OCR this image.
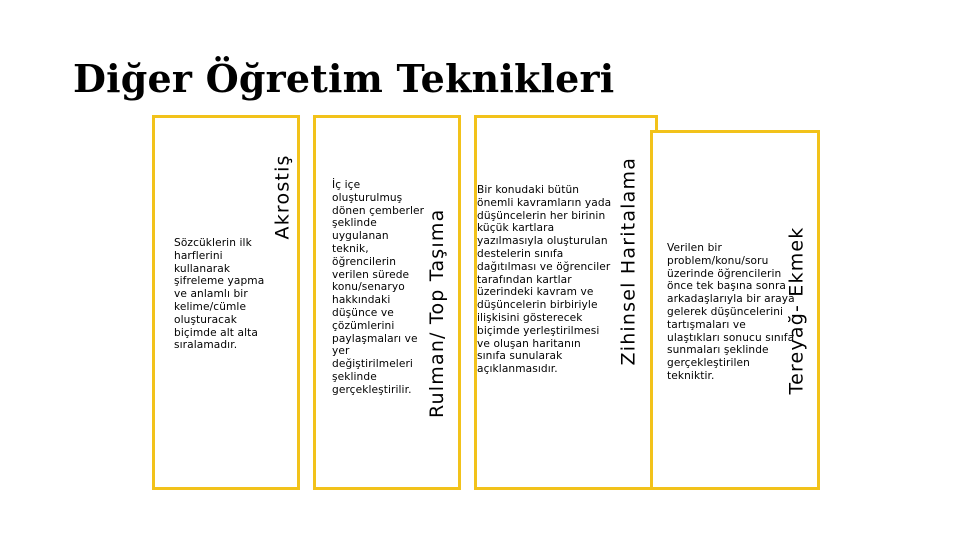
Diğer Öğretim Teknikleri

Sözcüklerin ilk harflerini kullanarak şifreleme yapma ve anlamlı bir kelime/cümle oluşturacak biçimde alt alta sıralamadır.

İç içe oluşturulmuş dönen çemberler şeklinde uygulanan teknik, öğrencilerin verilen sürede konu/senaryo hakkındaki düşünce ve çözümlerini paylaşmaları ve yer değiştirilmeleri şeklinde gerçekleştirilir.

Bir konudaki bütün önemli kavramların yada düşüncelerin her birinin küçük kartlara yazılmasıyla oluşturulan destelerin sınıfa dağıtılması ve öğrenciler tarafından kartlar üzerindeki kavram ve düşüncelerin birbiriyle ilişkisini gösterecek biçimde yerleştirilmesi ve oluşan haritanın sınıfa sunularak açıklanmasıdır.

Verilen bir problem/konu/soru üzerinde öğrencilerin önce tek başına sonra arkadaşlarıyla bir araya gelerek düşüncelerini tartışmaları ve ulaştıkları sonucu sınıfa sunmaları şeklinde gerçekleştirilen tekniktir.

Akrostiş
Rulman/ Top Taşıma	Zihinsel Haritalama	Tereyağ- Ekmek
